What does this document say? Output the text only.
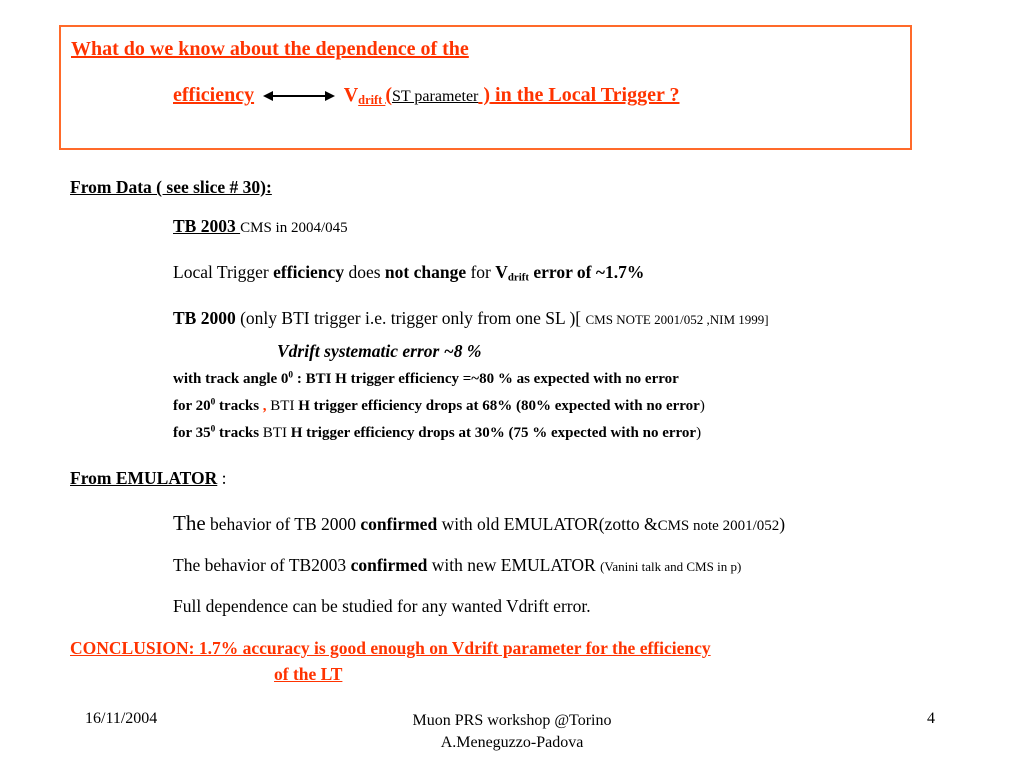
What do we know about the dependence of the
efficiency	$V_{drift}$ (ST parameter ) in the Local Trigger ?
From Data ( see slice # 30):
TB 2003 CMS in 2004/045
Local Trigger efficiency does not change for $V_{drift}$ error of ~1.7%
TB 2000 (only BTI trigger i.e. trigger only from one SL )[ CMS NOTE 2001/052 ,NIM 1999]
Vdrift systematic error ~8 %
with track angle $0^0$ : BTI H trigger efficiency =~80 % as expected with no error
for $20^0$ tracks , BTI H trigger efficiency drops at 68% (80% expected with no error)
for $35^0$ tracks BTI H trigger efficiency drops at 30% (75 % expected with no error)
From EMULATOR :
The behavior of TB 2000 confirmed with old EMULATOR(zotto &CMS note 2001/052)
The behavior of TB2003 confirmed with new EMULATOR (Vanini talk and CMS in p)
Full dependence can be studied for any wanted Vdrift error.
CONCLUSION: 1.7% accuracy is good enough on Vdrift parameter for the efficiency
of the LT
16/11/2004	Muon PRS workshop @Torino
A.Meneguzzo-Padova
4
